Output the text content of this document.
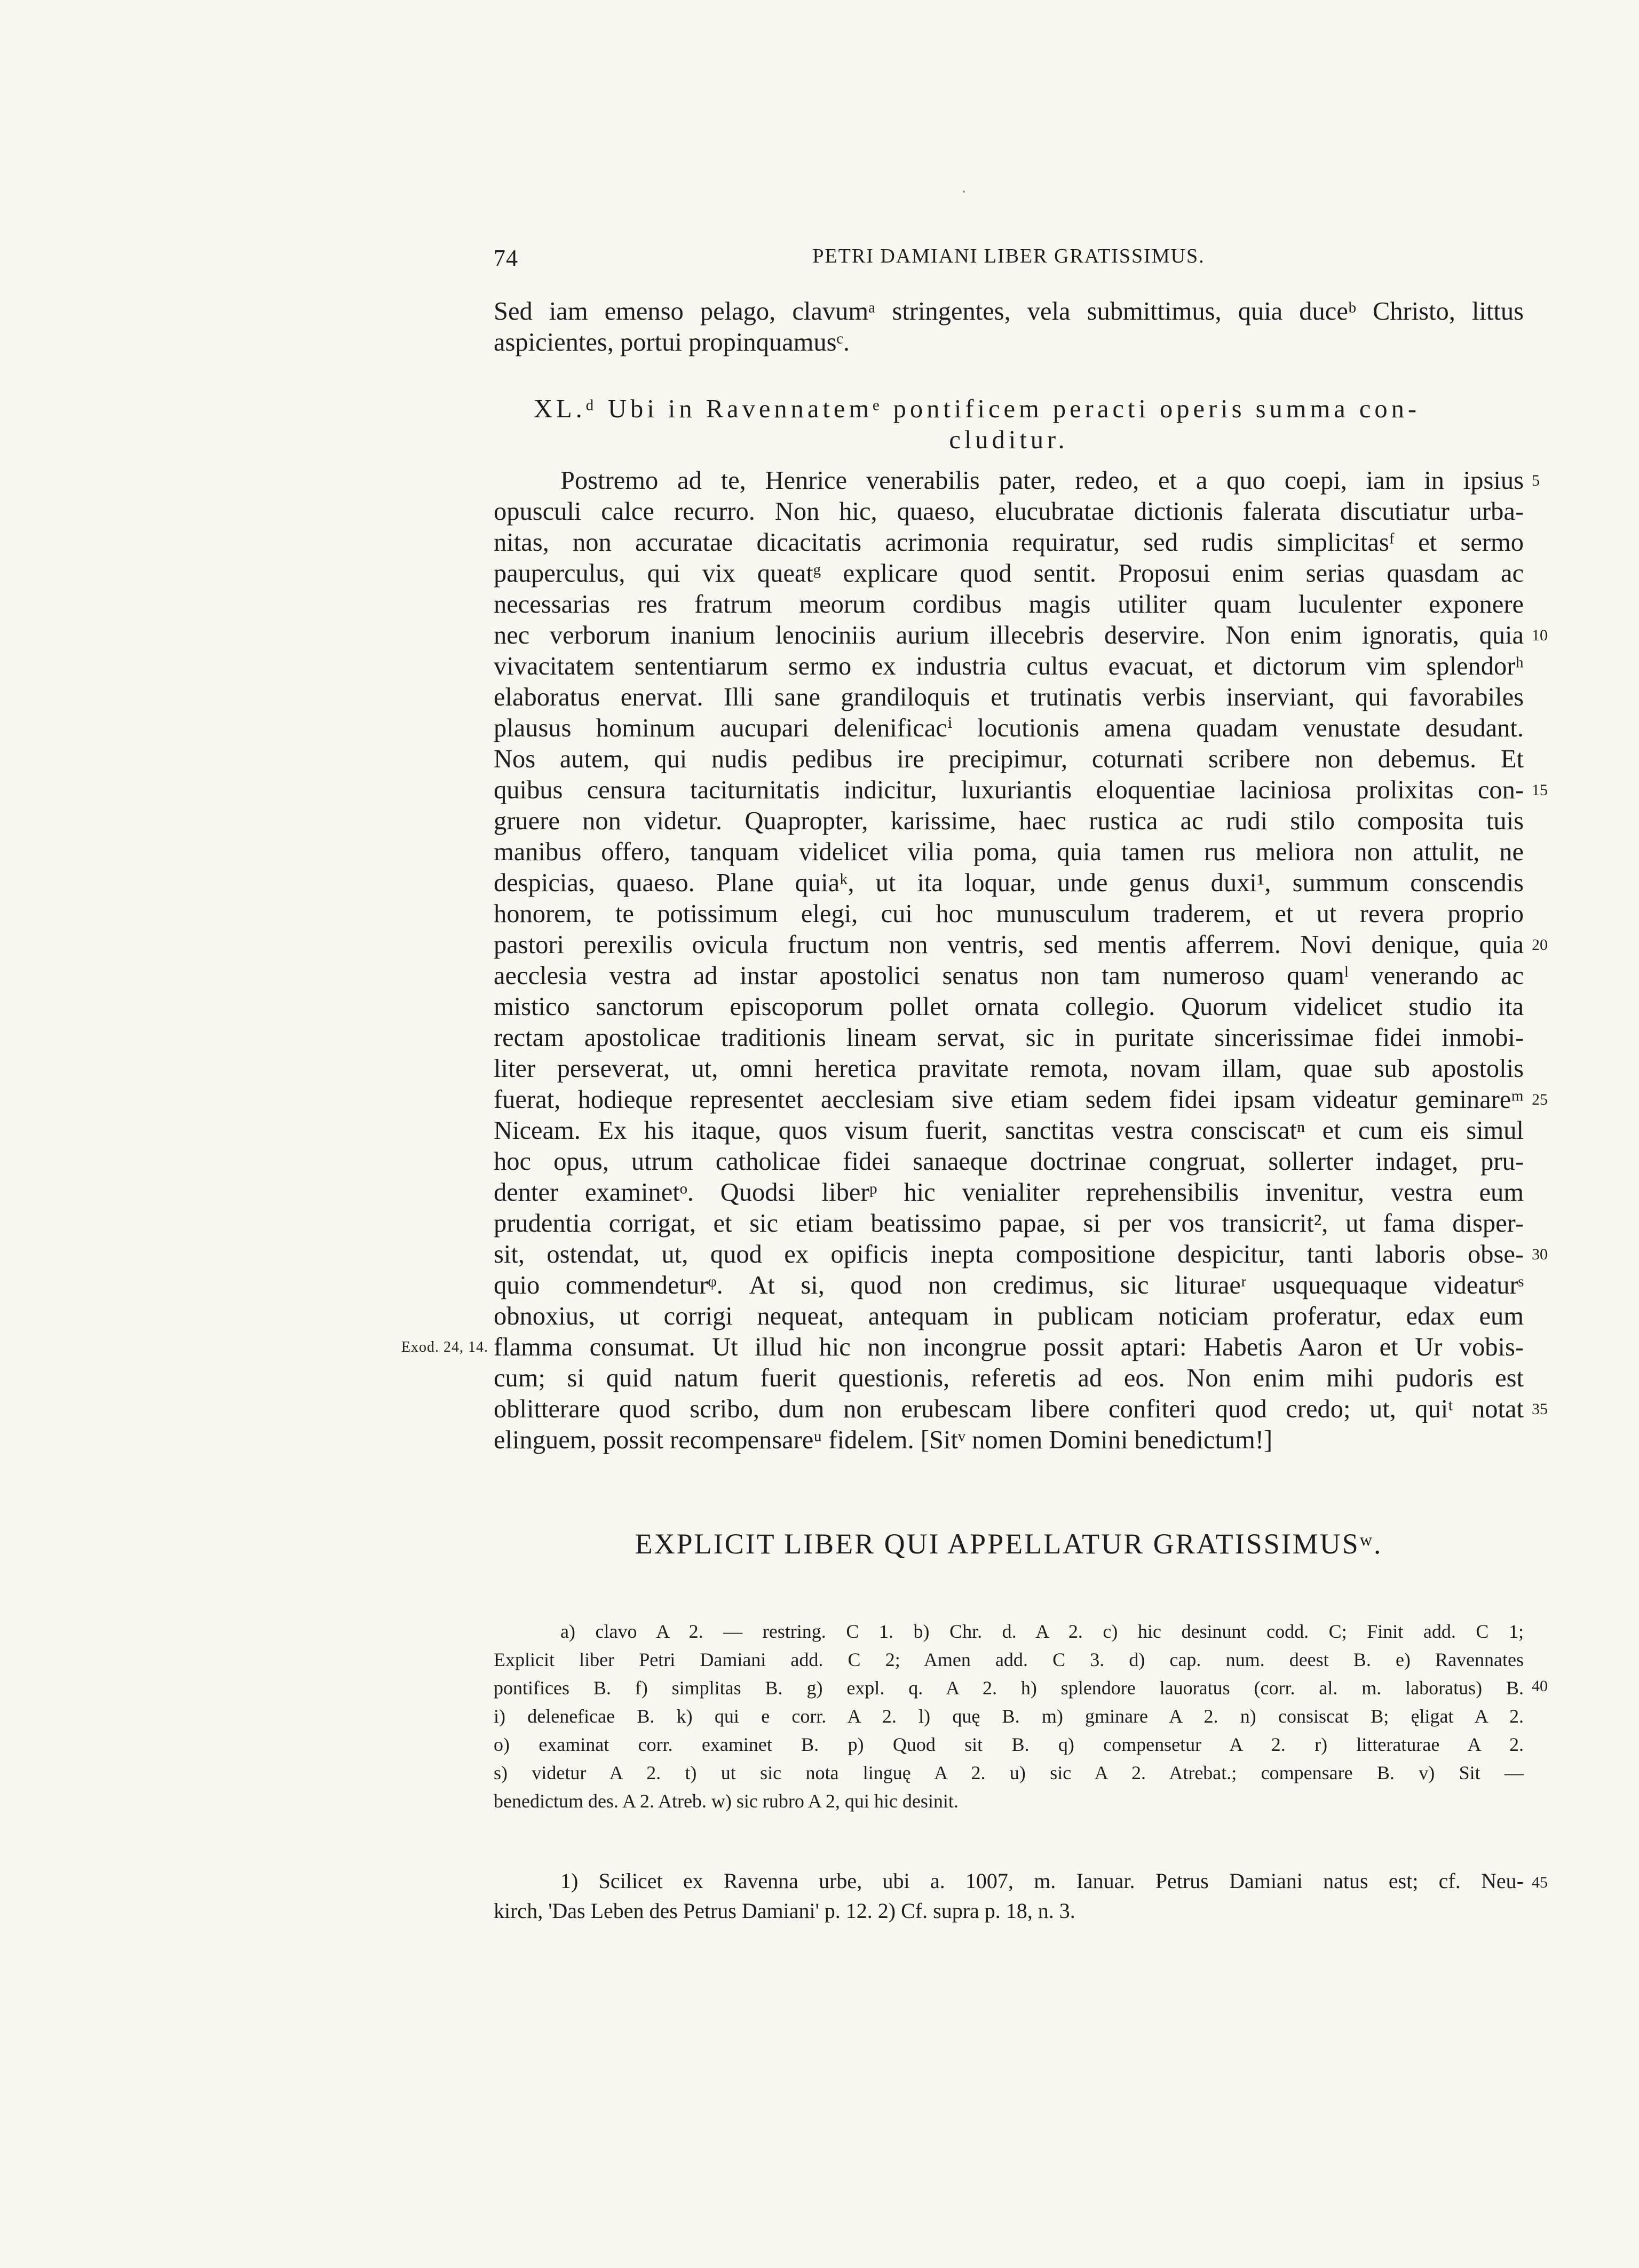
74	PETRI DAMIANI LIBER GRATISSIMUS.
Sed iam emenso pelago, clavumᵃ stringentes, vela submittimus, quia duceᵇ Christo, littus
aspicientes, portui propinquamusᶜ.
XL.ᵈ Ubi in Ravennatemᵉ pontificem peracti operis summa con-
cluditur.
Postremo ad te, Henrice venerabilis pater, redeo, et a quo coepi, iam in ipsius
opusculi calce recurro. Non hic, quaeso, elucubratae dictionis falerata discutiatur urba-
nitas, non accuratae dicacitatis acrimonia requiratur, sed rudis simplicitasᶠ et sermo
pauperculus, qui vix queatᵍ explicare quod sentit. Proposui enim serias quasdam ac
necessarias res fratrum meorum cordibus magis utiliter quam luculenter exponere
nec verborum inanium lenociniis aurium illecebris deservire. Non enim ignoratis, quia
vivacitatem sententiarum sermo ex industria cultus evacuat, et dictorum vim splendorʰ
elaboratus enervat. Illi sane grandiloquis et trutinatis verbis inserviant, qui favorabiles
plausus hominum aucupari delenificacⁱ locutionis amena quadam venustate desudant.
Nos autem, qui nudis pedibus ire precipimur, coturnati scribere non debemus. Et
quibus censura taciturnitatis indicitur, luxuriantis eloquentiae laciniosa prolixitas con-
gruere non videtur. Quapropter, karissime, haec rustica ac rudi stilo composita tuis
manibus offero, tanquam videlicet vilia poma, quia tamen rus meliora non attulit, ne
despicias, quaeso. Plane quiaᵏ, ut ita loquar, unde genus duxi¹, summum conscendis
honorem, te potissimum elegi, cui hoc munusculum traderem, et ut revera proprio
pastori perexilis ovicula fructum non ventris, sed mentis afferrem. Novi denique, quia
aecclesia vestra ad instar apostolici senatus non tam numeroso quamˡ venerando ac
mistico sanctorum episcoporum pollet ornata collegio. Quorum videlicet studio ita
rectam apostolicae traditionis lineam servat, sic in puritate sincerissimae fidei inmobi-
liter perseverat, ut, omni heretica pravitate remota, novam illam, quae sub apostolis
fuerat, hodieque representet aecclesiam sive etiam sedem fidei ipsam videatur geminareᵐ
Niceam. Ex his itaque, quos visum fuerit, sanctitas vestra consciscatⁿ et cum eis simul
hoc opus, utrum catholicae fidei sanaeque doctrinae congruat, sollerter indaget, pru-
denter examinetᵒ. Quodsi liberᵖ hic venialiter reprehensibilis invenitur, vestra eum
prudentia corrigat, et sic etiam beatissimo papae, si per vos transicrit², ut fama disper-
sit, ostendat, ut, quod ex opificis inepta compositione despicitur, tanti laboris obse-
quio commendeturᵠ. At si, quod non credimus, sic lituraeʳ usquequaque videaturˢ
obnoxius, ut corrigi nequeat, antequam in publicam noticiam proferatur, edax eum
flamma consumat. Ut illud hic non incongrue possit aptari: Habetis Aaron et Ur vobis-
cum; si quid natum fuerit questionis, referetis ad eos. Non enim mihi pudoris est
oblitterare quod scribo, dum non erubescam libere confiteri quod credo; ut, quiᵗ notat
elinguem, possit recompensareᵘ fidelem. [Sitᵛ nomen Domini benedictum!]
5
10
15
20
25
30
35
Exod. 24, 14.
EXPLICIT LIBER QUI APPELLATUR GRATISSIMUSʷ.
a) clavo A 2. — restring. C 1. b) Chr. d. A 2. c) hic desinunt codd. C; Finit add. C 1;
Explicit liber Petri Damiani add. C 2; Amen add. C 3. d) cap. num. deest B. e) Ravennates
pontifices B. f) simplitas B. g) expl. q. A 2. h) splendore lauoratus (corr. al. m. laboratus) B.
i) deleneficae B. k) qui e corr. A 2. l) quę B. m) gminare A 2. n) consiscat B; ęligat A 2.
o) examinat corr. examinet B. p) Quod sit B. q) compensetur A 2. r) litteraturae A 2.
s) videtur A 2. t) ut sic nota linguę A 2. u) sic A 2. Atrebat.; compensare B. v) Sit —
benedictum des. A 2. Atreb. w) sic rubro A 2, qui hic desinit.
40
1) Scilicet ex Ravenna urbe, ubi a. 1007, m. Ianuar. Petrus Damiani natus est; cf. Neu-
kirch, 'Das Leben des Petrus Damiani' p. 12. 2) Cf. supra p. 18, n. 3.
45
